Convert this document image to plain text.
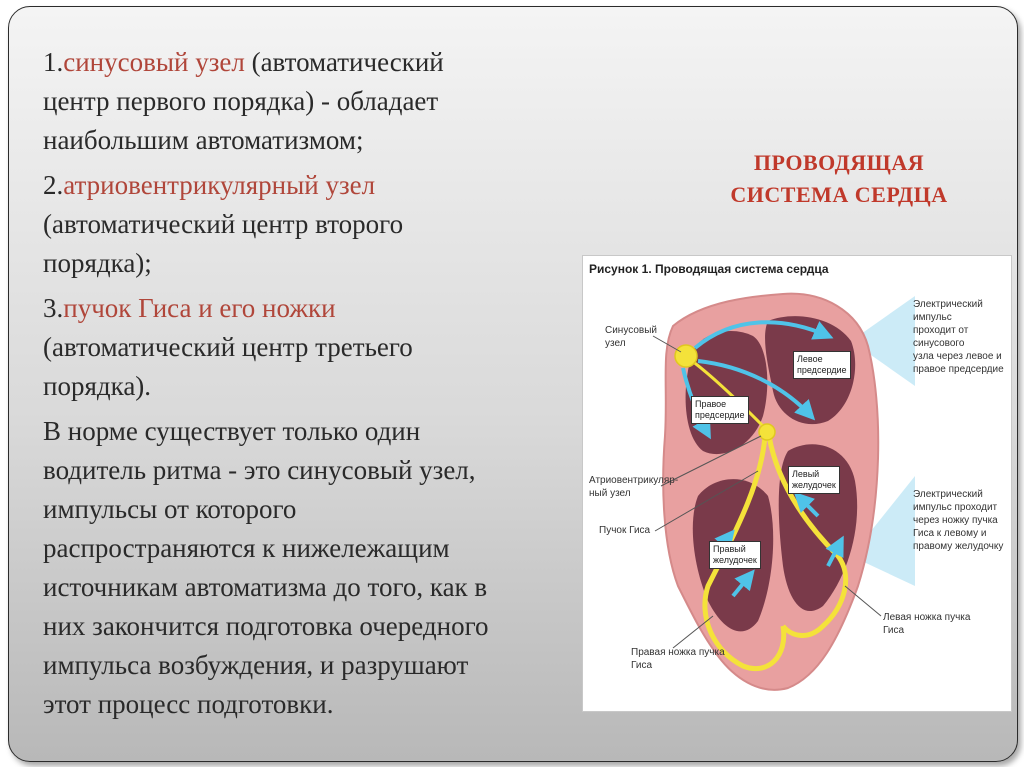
1.синусовый узел (автоматический
центр первого порядка) - обладает
наибольшим автоматизмом;
2.атриовентрикулярный узел
(автоматический центр второго
порядка);
3.пучок Гиса и его ножки
(автоматический центр третьего
порядка).
В норме существует только один
водитель ритма - это синусовый узел,
импульсы от которого
распространяются к нижележащим
источникам автоматизма до того, как в
них закончится подготовка очередного
импульса возбуждения, и разрушают
этот процесс подготовки.
ПРОВОДЯЩАЯ
СИСТЕМА СЕРДЦА
Рисунок 1. Проводящая система сердца
Синусовый
узел
Атриовентрикуляр-
ный узел
Пучок Гиса
Правая ножка пучка
Гиса
Левая ножка пучка
Гиса
Электрический импульс
проходит от синусового
узла через левое и
правое предсердие
Электрический
импульс проходит
через ножку пучка
Гиса к левому и
правому желудочку
Левое
предсердие
Правое
предсердие
Левый
желудочек
Правый
желудочек
